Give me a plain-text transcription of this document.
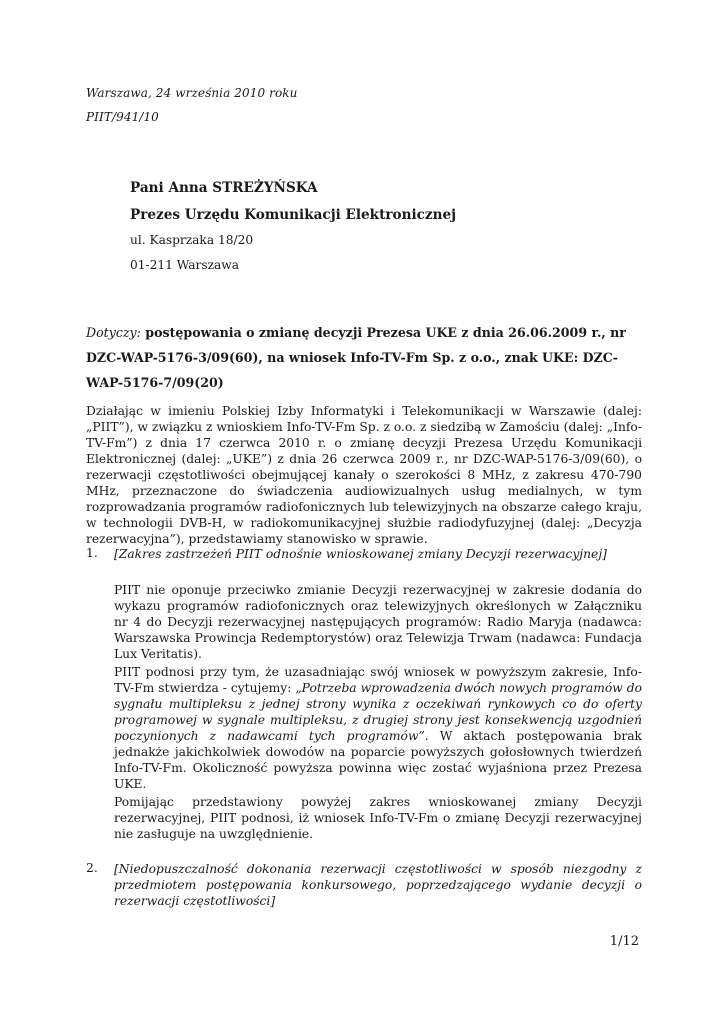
Warszawa, 24 września 2010 roku
PIIT/941/10
Pani Anna STREŻYŃSKA
Prezes Urzędu Komunikacji Elektronicznej
ul. Kasprzaka 18/20
01-211 Warszawa
Dotyczy: postępowania o zmianę decyzji Prezesa UKE z dnia 26.06.2009 r., nr DZC-WAP-5176-3/09(60), na wniosek Info-TV-Fm Sp. z o.o., znak UKE: DZC-WAP-5176-7/09(20)
Działając w imieniu Polskiej Izby Informatyki i Telekomunikacji w Warszawie (dalej: „PIIT”), w związku z wnioskiem Info-TV-Fm Sp. z o.o. z siedzibą w Zamościu (dalej: „Info-TV-Fm”) z dnia 17 czerwca 2010 r. o zmianę decyzji Prezesa Urzędu Komunikacji Elektronicznej (dalej: „UKE”) z dnia 26 czerwca 2009 r., nr DZC-WAP-5176-3/09(60), o rezerwacji częstotliwości obejmującej kanały o szerokości 8 MHz, z zakresu 470-790 MHz, przeznaczone do świadczenia audiowizualnych usług medialnych, w tym rozprowadzania programów radiofonicznych lub telewizyjnych na obszarze całego kraju, w technologii DVB-H, w radiokomunikacyjnej służbie radiodyfuzyjnej (dalej: „Decyzja rezerwacyjna”), przedstawiamy stanowisko w sprawie.
1. [Zakres zastrzeżeń PIIT odnośnie wnioskowanej zmiany Decyzji rezerwacyjnej]
PIIT nie oponuje przeciwko zmianie Decyzji rezerwacyjnej w zakresie dodania do wykazu programów radiofonicznych oraz telewizyjnych określonych w Załączniku nr 4 do Decyzji rezerwacyjnej następujących programów: Radio Maryja (nadawca: Warszawska Prowincja Redemptorystów) oraz Telewizja Trwam (nadawca: Fundacja Lux Veritatis).
PIIT podnosi przy tym, że uzasadniając swój wniosek w powyższym zakresie, Info-TV-Fm stwierdza - cytujemy: „Potrzeba wprowadzenia dwóch nowych programów do sygnału multipleksu z jednej strony wynika z oczekiwań rynkowych co do oferty programowej w sygnale multipleksu, z drugiej strony jest konsekwencją uzgodnień poczynionych z nadawcami tych programów”. W aktach postępowania brak jednakże jakichkolwiek dowodów na poparcie powyższych gołosłownych twierdzeń Info-TV-Fm. Okoliczność powyższa powinna więc zostać wyjaśniona przez Prezesa UKE.
Pomijając przedstawiony powyżej zakres wnioskowanej zmiany Decyzji rezerwacyjnej, PIIT podnosi, iż wniosek Info-TV-Fm o zmianę Decyzji rezerwacyjnej nie zasługuje na uwzględnienie.
2. [Niedopuszczalność dokonania rezerwacji częstotliwości w sposób niezgodny z przedmiotem postępowania konkursowego, poprzedzającego wydanie decyzji o rezerwacji częstotliwości]
1/12
